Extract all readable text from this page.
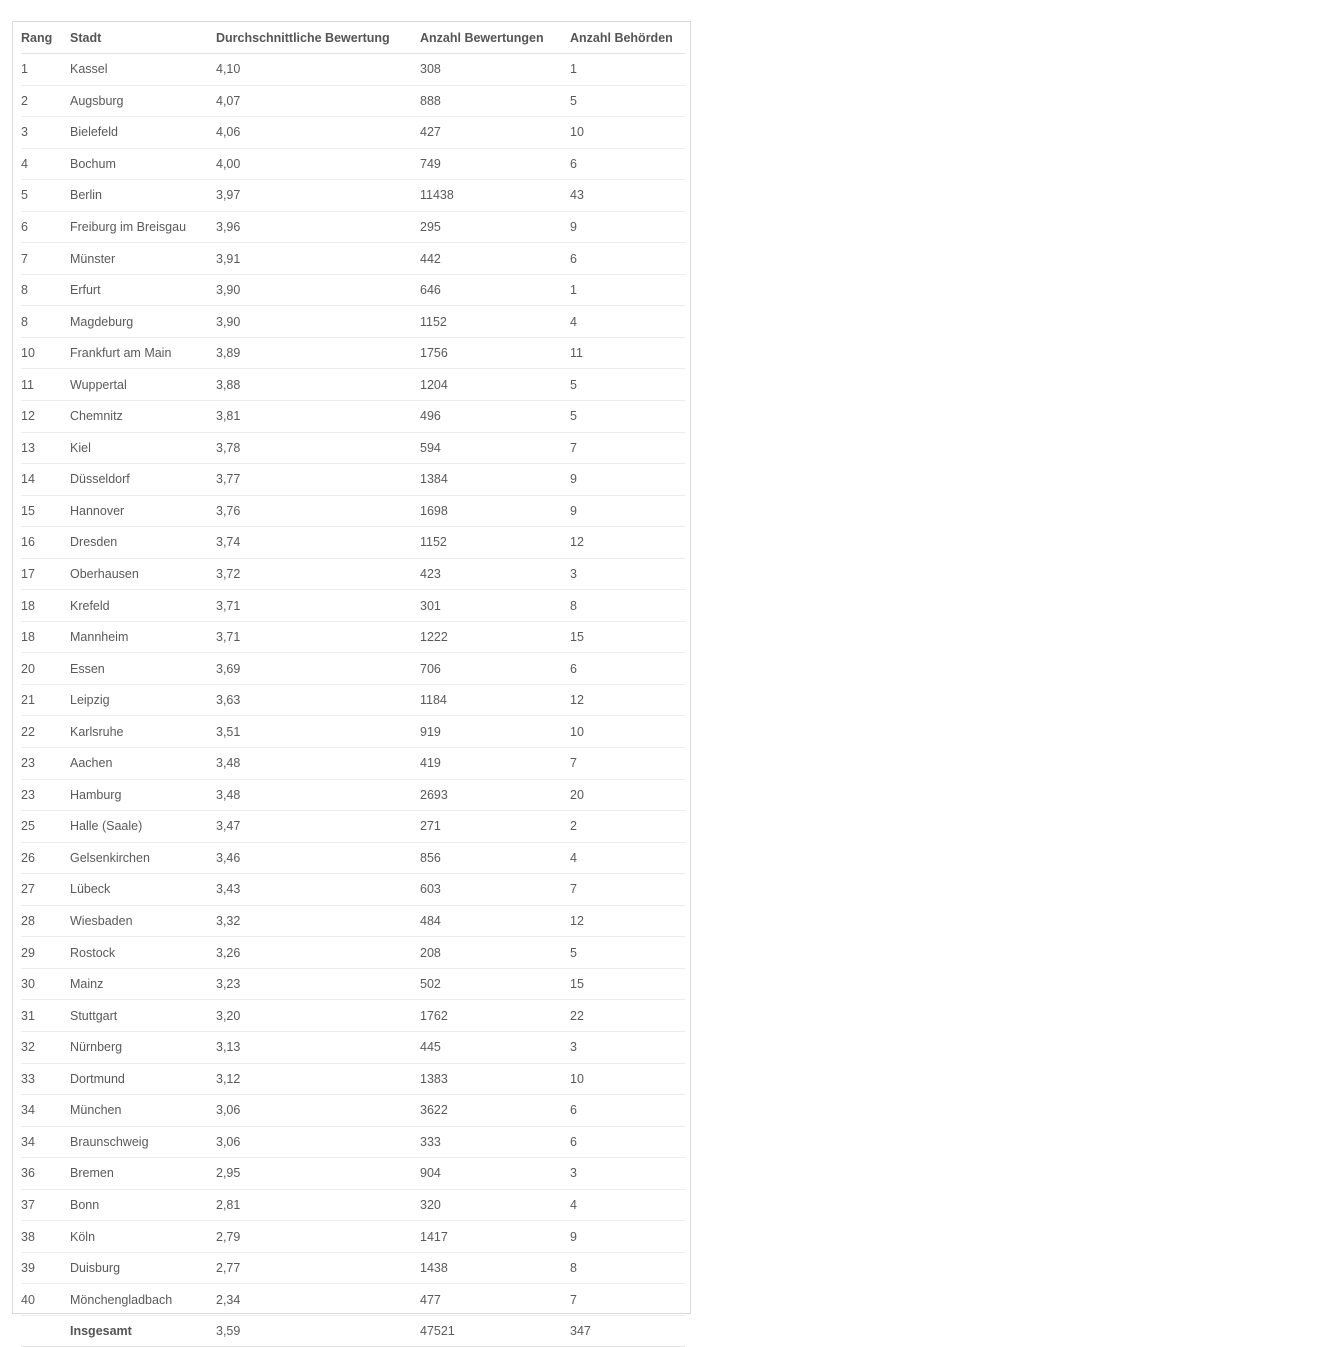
Rang	Stadt	Durchschnittliche Bewertung	Anzahl Bewertungen	Anzahl Behörden
1	Kassel	4,10	308	1
2	Augsburg	4,07	888	5
3	Bielefeld	4,06	427	10
4	Bochum	4,00	749	6
5	Berlin	3,97	11438	43
6	Freiburg im Breisgau	3,96	295	9
7	Münster	3,91	442	6
8	Erfurt	3,90	646	1
8	Magdeburg	3,90	1152	4
10	Frankfurt am Main	3,89	1756	11
11	Wuppertal	3,88	1204	5
12	Chemnitz	3,81	496	5
13	Kiel	3,78	594	7
14	Düsseldorf	3,77	1384	9
15	Hannover	3,76	1698	9
16	Dresden	3,74	1152	12
17	Oberhausen	3,72	423	3
18	Krefeld	3,71	301	8
18	Mannheim	3,71	1222	15
20	Essen	3,69	706	6
21	Leipzig	3,63	1184	12
22	Karlsruhe	3,51	919	10
23	Aachen	3,48	419	7
23	Hamburg	3,48	2693	20
25	Halle (Saale)	3,47	271	2
26	Gelsenkirchen	3,46	856	4
27	Lübeck	3,43	603	7
28	Wiesbaden	3,32	484	12
29	Rostock	3,26	208	5
30	Mainz	3,23	502	15
31	Stuttgart	3,20	1762	22
32	Nürnberg	3,13	445	3
33	Dortmund	3,12	1383	10
34	München	3,06	3622	6
34	Braunschweig	3,06	333	6
36	Bremen	2,95	904	3
37	Bonn	2,81	320	4
38	Köln	2,79	1417	9
39	Duisburg	2,77	1438	8
40	Mönchengladbach	2,34	477	7
	Insgesamt	3,59	47521	347
